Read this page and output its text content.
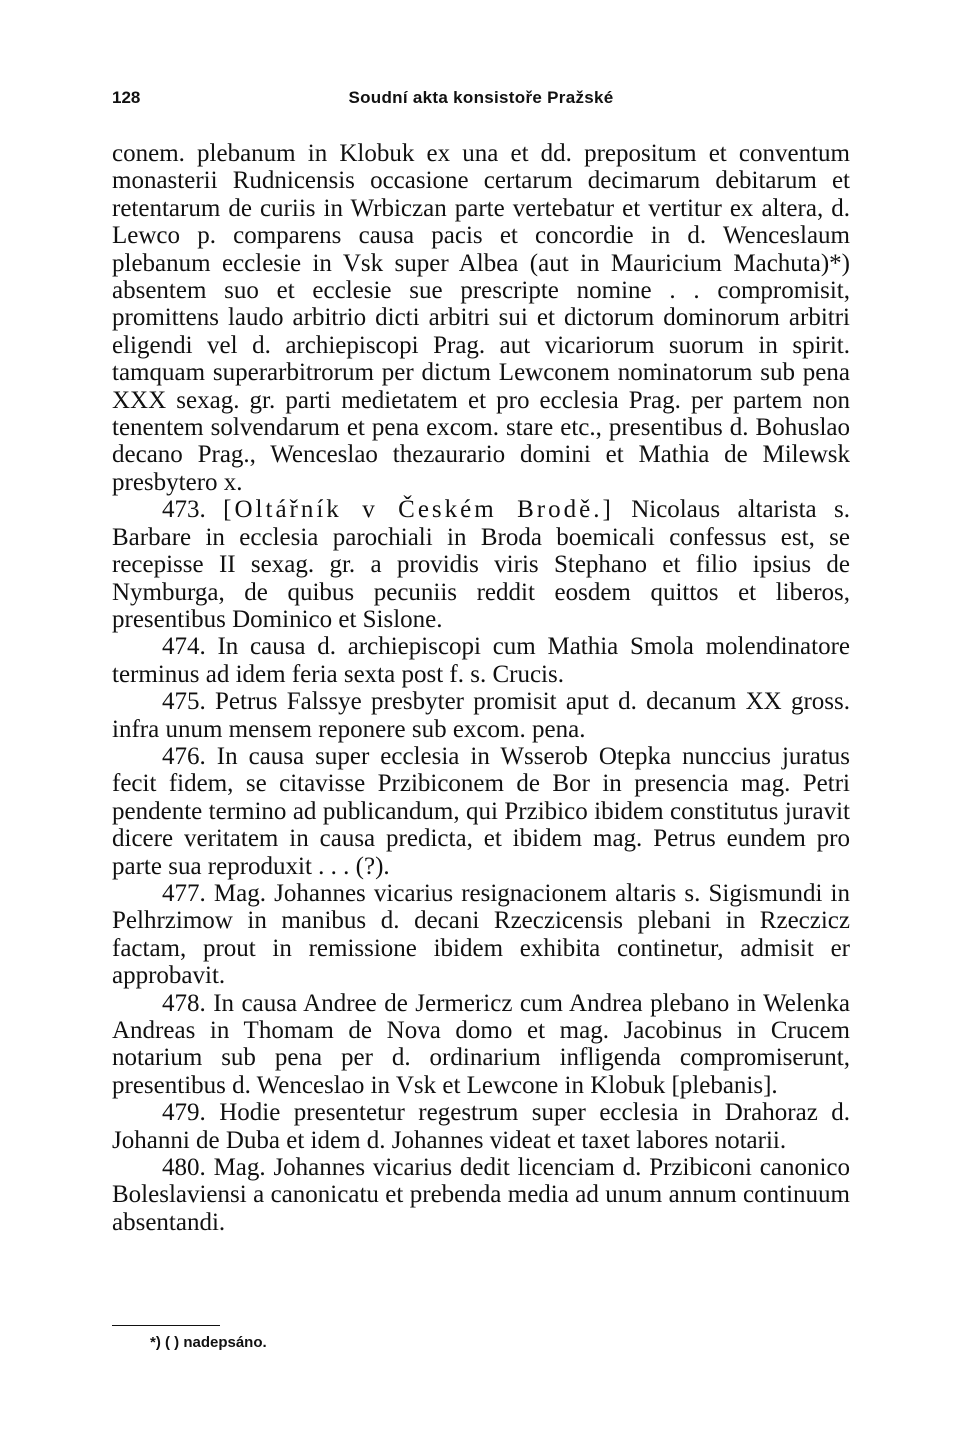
128	Soudní akta konsistoře Pražské

conem. plebanum in Klobuk ex una et dd. prepositum et conventum monasterii Rudnicensis occasione certarum decimarum debitarum et retentarum de curiis in Wrbiczan parte vertebatur et vertitur ex altera, d. Lewco p. comparens causa pacis et concordie in d. Wenceslaum plebanum ecclesie in Vsk super Albea (aut in Mauricium Machuta)*) absentem suo et ecclesie sue prescripte nomine . . compromisit, promittens laudo arbitrio dicti arbitri sui et dictorum dominorum arbitri eligendi vel d. archiepiscopi Prag. aut vicariorum suorum in spirit. tamquam superarbitrorum per dictum Lewconem nominatorum sub pena XXX sexag. gr. parti medietatem et pro ecclesia Prag. per partem non tenentem solvendarum et pena excom. stare etc., presentibus d. Bohuslao decano Prag., Wenceslao thezaurario domini et Mathia de Milewsk presbytero x.

473. [Oltářník v Českém Brodě.] Nicolaus altarista s. Barbare in ecclesia parochiali in Broda boemicali confessus est, se recepisse II sexag. gr. a providis viris Stephano et filio ipsius de Nymburga, de quibus pecuniis reddit eosdem quittos et liberos, presentibus Dominico et Sislone.

474. In causa d. archiepiscopi cum Mathia Smola molendinatore terminus ad idem feria sexta post f. s. Crucis.

475. Petrus Falssye presbyter promisit aput d. decanum XX gross. infra unum mensem reponere sub excom. pena.

476. In causa super ecclesia in Wsserob Otepka nunccius juratus fecit fidem, se citavisse Przibiconem de Bor in presencia mag. Petri pendente termino ad publicandum, qui Przibico ibidem constitutus juravit dicere veritatem in causa predicta, et ibidem mag. Petrus eundem pro parte sua reproduxit . . . (?).

477. Mag. Johannes vicarius resignacionem altaris s. Sigismundi in Pelhrzimow in manibus d. decani Rzeczicensis plebani in Rzeczicz factam, prout in remissione ibidem exhibita continetur, admisit er approbavit.

478. In causa Andree de Jermericz cum Andrea plebano in Welenka Andreas in Thomam de Nova domo et mag. Jacobinus in Crucem notarium sub pena per d. ordinarium infligenda compromiserunt, presentibus d. Wenceslao in Vsk et Lewcone in Klobuk [plebanis].

479. Hodie presentetur regestrum super ecclesia in Drahoraz d. Johanni de Duba et idem d. Johannes videat et taxet labores notarii.

480. Mag. Johannes vicarius dedit licenciam d. Przibiconi canonico Boleslaviensi a canonicatu et prebenda media ad unum annum continuum absentandi.

*) ( ) nadepsáno.
